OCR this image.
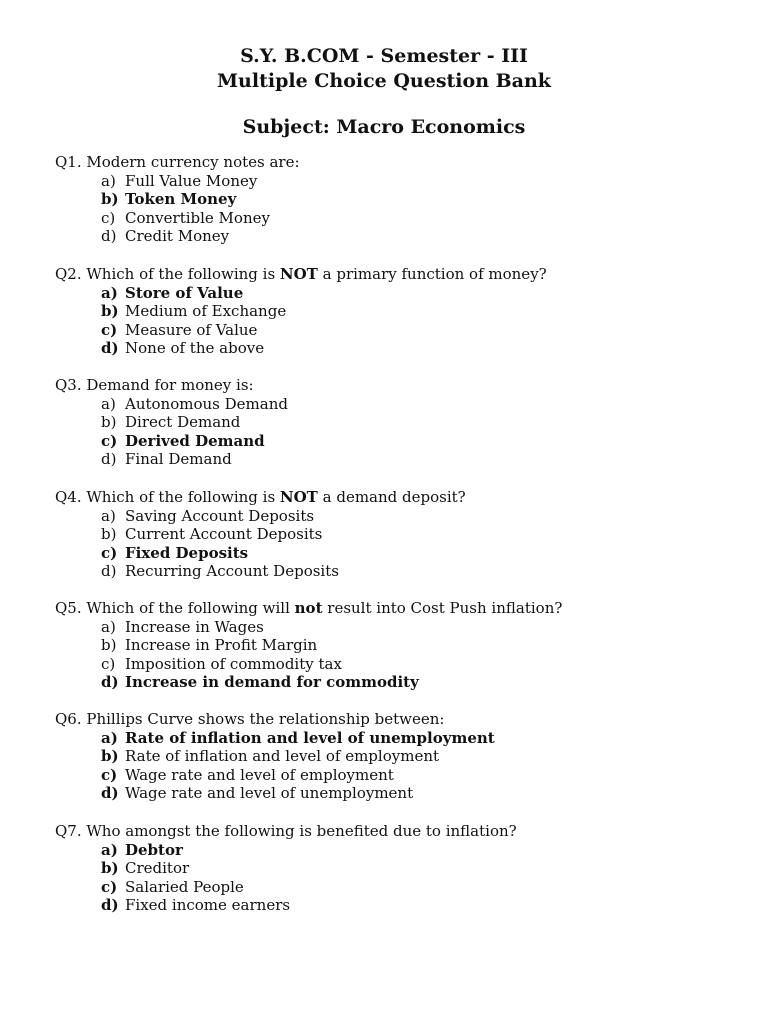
S.Y. B.COM - Semester - III
Multiple Choice Question Bank
Subject: Macro Economics
Q1. Modern currency notes are:
a) Full Value Money
b) Token Money
c) Convertible Money
d) Credit Money
Q2. Which of the following is NOT a primary function of money?
a) Store of Value
b) Medium of Exchange
c) Measure of Value
d) None of the above
Q3. Demand for money is:
a) Autonomous Demand
b) Direct Demand
c) Derived Demand
d) Final Demand
Q4. Which of the following is NOT a demand deposit?
a) Saving Account Deposits
b) Current Account Deposits
c) Fixed Deposits
d) Recurring Account Deposits
Q5. Which of the following will not result into Cost Push inflation?
a) Increase in Wages
b) Increase in Profit Margin
c) Imposition of commodity tax
d) Increase in demand for commodity
Q6. Phillips Curve shows the relationship between:
a) Rate of inflation and level of unemployment
b) Rate of inflation and level of employment
c) Wage rate and level of employment
d) Wage rate and level of unemployment
Q7. Who amongst the following is benefited due to inflation?
a) Debtor
b) Creditor
c) Salaried People
d) Fixed income earners
